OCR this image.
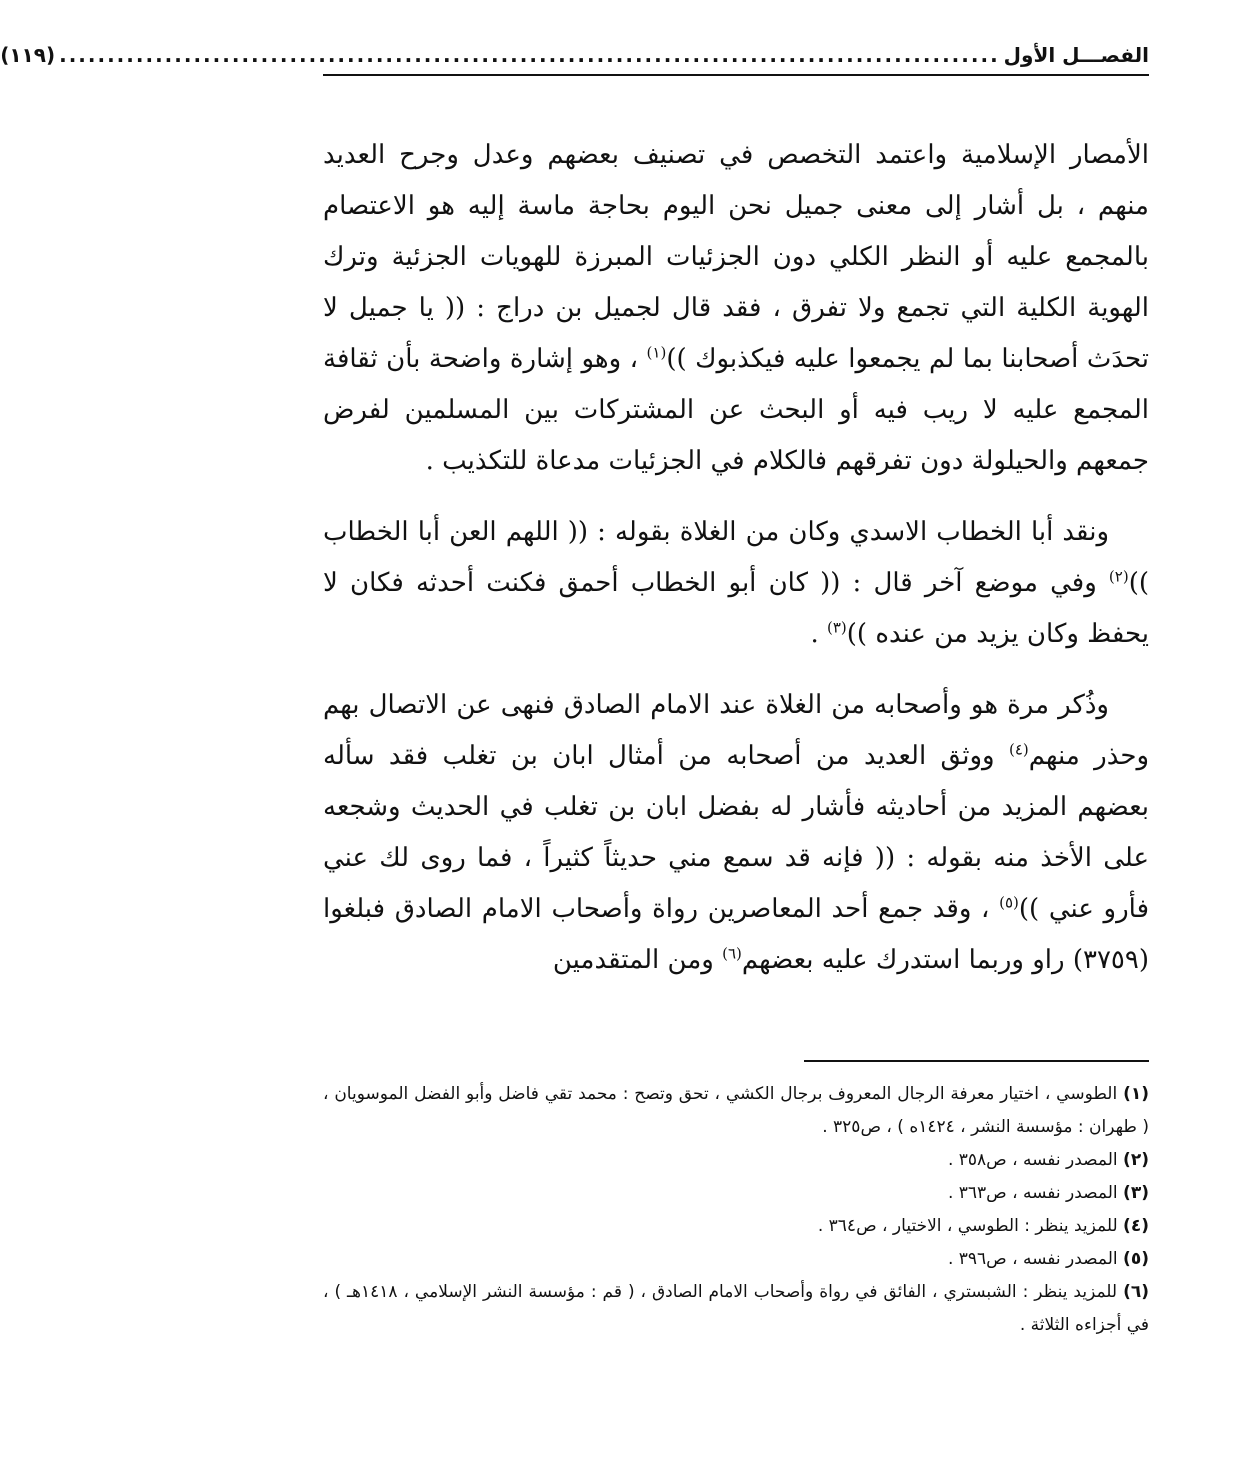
الفصـــل الأول
..................................................................................................
(١١٩)

الأمصار الإسلامية واعتمد التخصص في تصنيف بعضهم وعدل وجرح العديد منهم ، بل أشار إلى معنى جميل نحن اليوم بحاجة ماسة إليه هو الاعتصام بالمجمع عليه أو النظر الكلي دون الجزئيات المبرزة للهويات الجزئية وترك الهوية الكلية التي تجمع ولا تفرق ، فقد قال لجميل بن دراج : (( يا جميل لا تحدَث أصحابنا بما لم يجمعوا عليه فيكذبوك ))$^{(١)}$ ، وهو إشارة واضحة بأن ثقافة المجمع عليه لا ريب فيه أو البحث عن المشتركات بين المسلمين لفرض جمعهم والحيلولة دون تفرقهم فالكلام في الجزئيات مدعاة للتكذيب .

ونقد أبا الخطاب الاسدي وكان من الغلاة بقوله : (( اللهم العن أبا الخطاب ))$^{(٢)}$ وفي موضع آخر قال : (( كان أبو الخطاب أحمق فكنت أحدثه فكان لا يحفظ وكان يزيد من عنده ))$^{(٣)}$ .

وذُكر مرة هو وأصحابه من الغلاة عند الامام الصادق فنهى عن الاتصال بهم وحذر منهم$^{(٤)}$ ووثق العديد من أصحابه من أمثال ابان بن تغلب فقد سأله بعضهم المزيد من أحاديثه فأشار له بفضل ابان بن تغلب في الحديث وشجعه على الأخذ منه بقوله : (( فإنه قد سمع مني حديثاً كثيراً ، فما روى لك عني فأرو عني ))$^{(٥)}$ ، وقد جمع أحد المعاصرين رواة وأصحاب الامام الصادق فبلغوا (٣٧٥٩) راو وربما استدرك عليه بعضهم$^{(٦)}$ ومن المتقدمين

(١) الطوسي ، اختيار معرفة الرجال المعروف برجال الكشي ، تحق وتصح : محمد تقي فاضل وأبو الفضل الموسويان ، ( طهران : مؤسسة النشر ، ١٤٢٤ه ) ، ص٣٢٥ .

(٢) المصدر نفسه ، ص٣٥٨ .

(٣) المصدر نفسه ، ص٣٦٣ .

(٤) للمزيد ينظر : الطوسي ، الاختيار ، ص٣٦٤ .

(٥) المصدر نفسه ، ص٣٩٦ .

(٦) للمزيد ينظر : الشبستري ، الفائق في رواة وأصحاب الامام الصادق ، ( قم : مؤسسة النشر الإسلامي ، ١٤١٨هـ ) ، في أجزاءه الثلاثة .
